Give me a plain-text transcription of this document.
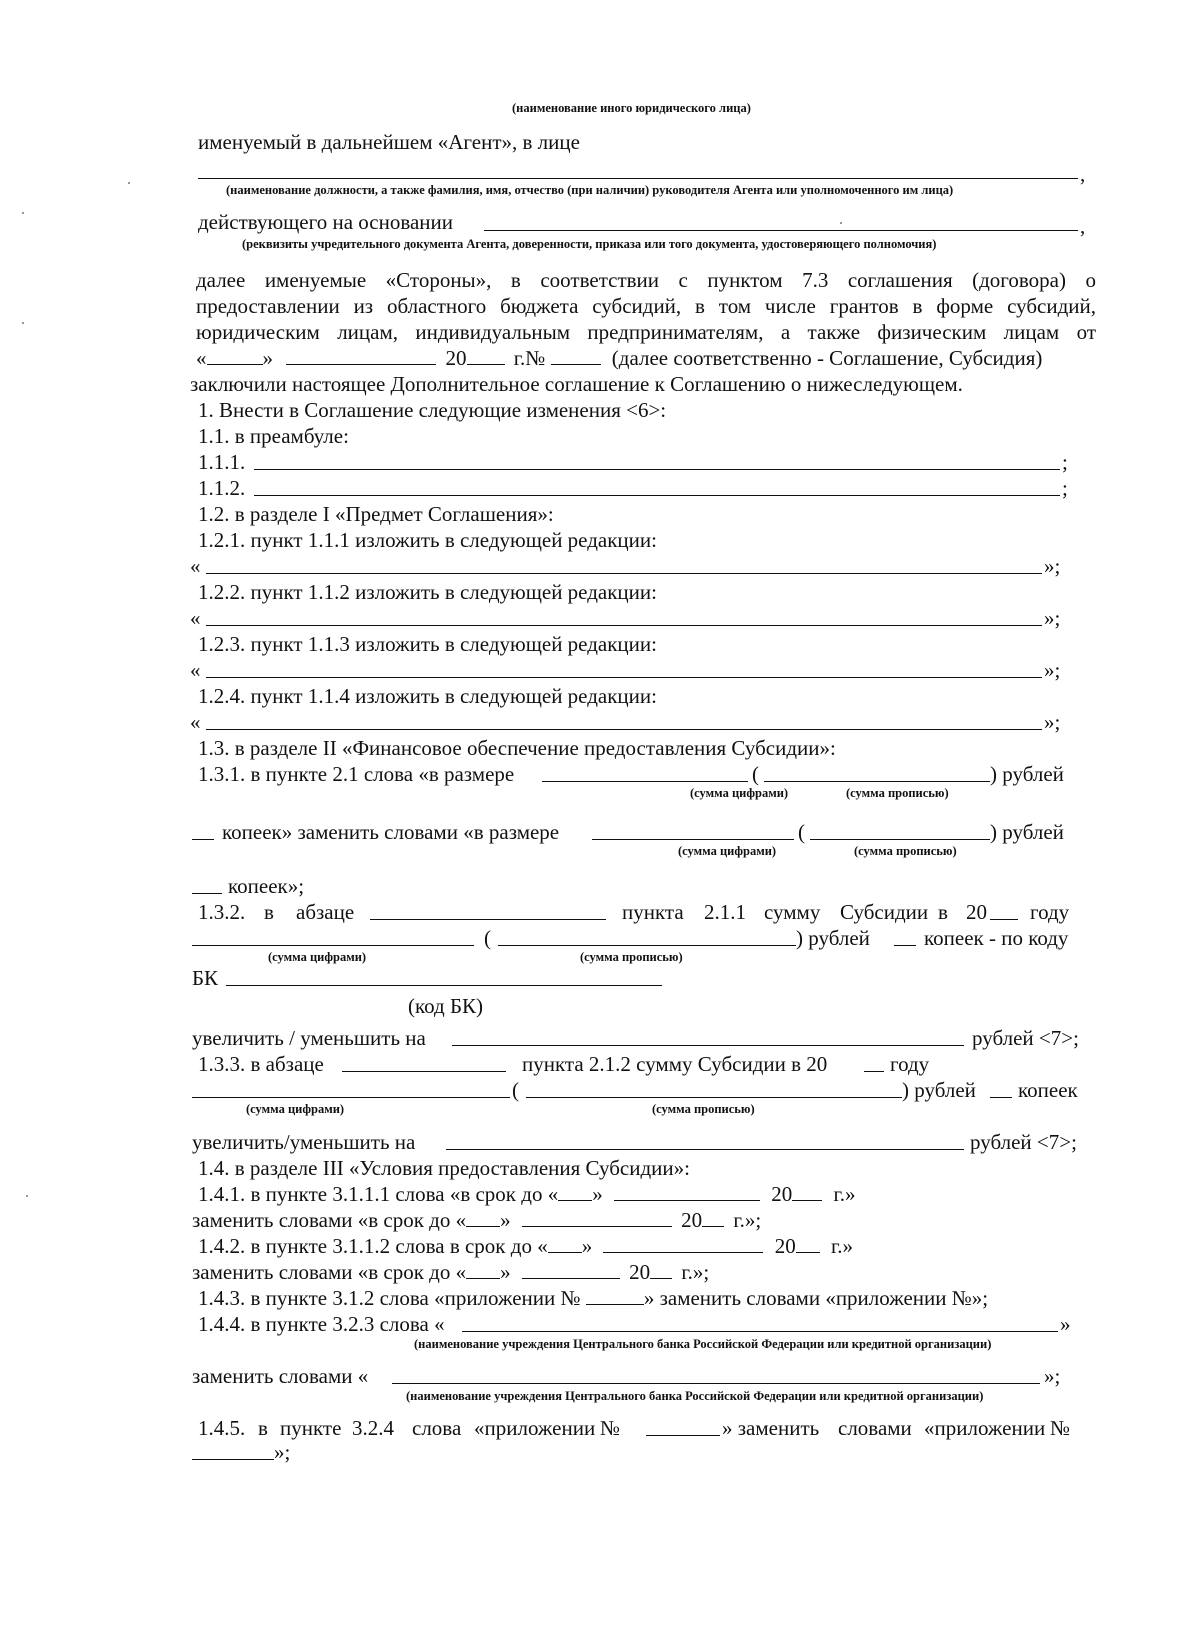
(наименование иного юридического лица)
именуемый в дальнейшем «Агент», в лице
,
(наименование должности, а также фамилия, имя, отчество (при наличии) руководителя Агента или уполномоченного им лица)
действующего на основании	,
(реквизиты учредительного документа Агента, доверенности, приказа или того документа, удостоверяющего полномочия)
далее именуемые «Стороны», в соответствии с пунктом 7.3 соглашения (договора) о
предоставлении из областного бюджета субсидий, в том числе грантов в форме субсидий,
юридическим лицам, индивидуальным предпринимателям, а также физическим лицам от
«	»	20 г.№	(далее соответственно - Соглашение, Субсидия)
заключили настоящее Дополнительное соглашение к Соглашению о нижеследующем.
1. Внести в Соглашение следующие изменения <6>:
1.1. в преамбуле:
1.1.1.	;
1.1.2.	;
1.2. в разделе I «Предмет Соглашения»:
1.2.1. пункт 1.1.1 изложить в следующей редакции:
«	»;
1.2.2. пункт 1.1.2 изложить в следующей редакции:
«	»;
1.2.3. пункт 1.1.3 изложить в следующей редакции:
«	»;
1.2.4. пункт 1.1.4 изложить в следующей редакции:
«	»;
1.3. в разделе II «Финансовое обеспечение предоставления Субсидии»:
1.3.1. в пункте 2.1 слова «в размере	(	) рублей
(сумма цифрами)	(сумма прописью)
копеек» заменить словами «в размере	(	) рублей
(сумма цифрами)	(сумма прописью)
копеек»;
1.3.2. в абзаце	пункта 2.1.1 сумму Субсидии в 20 году
(	) рублей	копеек - по коду
(сумма цифрами)	(сумма прописью)
БК
(код БК)
увеличить / уменьшить на	рублей <7>;
1.3.3. в абзаце	пункта 2.1.2 сумму Субсидии в 20	году
(	) рублей копеек
(сумма цифрами)	(сумма прописью)
увеличить/уменьшить на	рублей <7>;
1.4. в разделе III «Условия предоставления Субсидии»:
1.4.1. в пункте 3.1.1.1 слова «в срок до « »	20 г.»
заменить словами «в срок до « »	20 г.»;
1.4.2. в пункте 3.1.1.2 слова в срок до « »	20 г.»
заменить словами «в срок до « »	20 г.»;
1.4.3. в пункте 3.1.2 слова «приложении №	» заменить словами «приложении №»;
1.4.4. в пункте 3.2.3 слова «	»
(наименование учреждения Центрального банка Российской Федерации или кредитной организации)
заменить словами «	»;
(наименование учреждения Центрального банка Российской Федерации или кредитной организации)
1.4.5. в пункте 3.2.4 слова «приложении №	» заменить словами «приложении №
»;
